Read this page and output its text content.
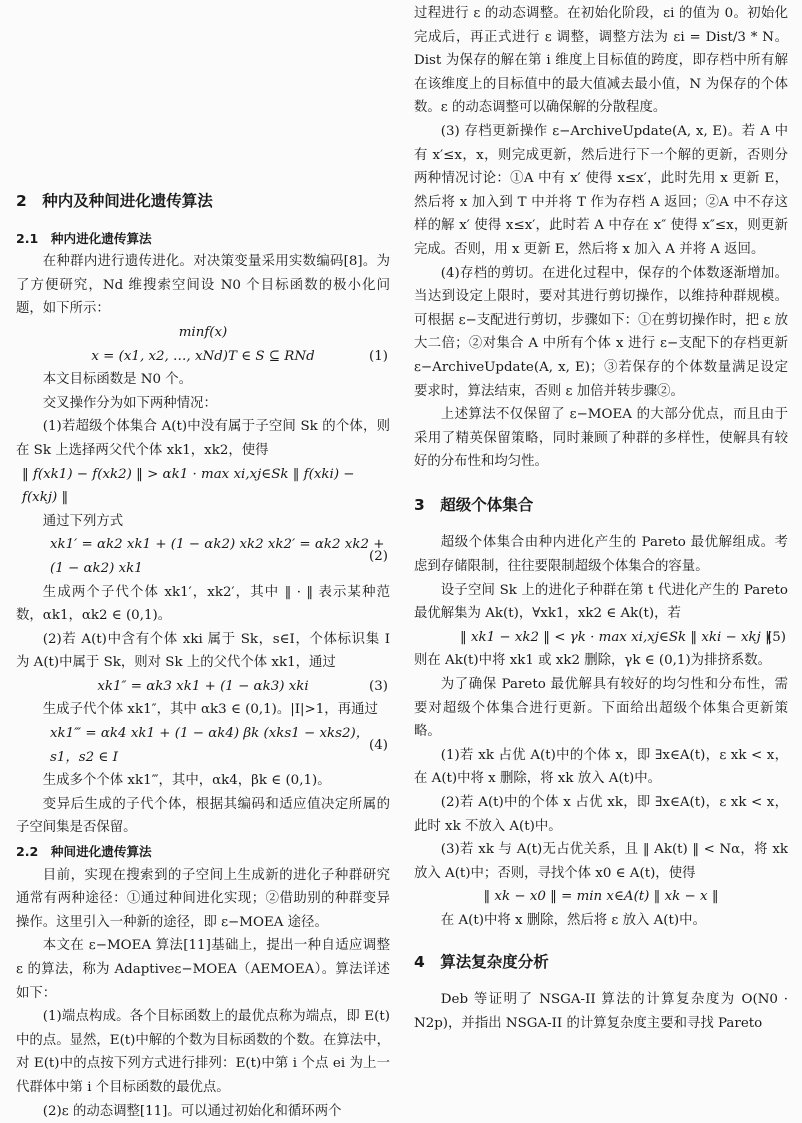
2　种内及种间进化遗传算法

2.1　种内进化遗传算法

在种群内进行遗传进化。对决策变量采用实数编码[8]。为了方便研究，Nd 维搜索空间设 N0 个目标函数的极小化问题，如下所示：

minf(x)
x = (x1, x2, …, xNd)T ∈ S ⊆ RNd	(1)

本文目标函数是 N0 个。

交叉操作分为如下两种情况：

(1)若超级个体集合 A(t)中没有属于子空间 Sk 的个体，则在 Sk 上选择两父代个体 xk1，xk2，使得

‖ f(xk1) − f(xk2) ‖ > αk1 · max xi,xj∈Sk ‖ f(xki) − f(xkj) ‖

通过下列方式

xk1′ = αk2 xk1 + (1 − αk2) xk2 xk2′ = αk2 xk2 + (1 − αk2) xk1
(2)

生成两个子代个体 xk1′，xk2′，其中 ‖ · ‖ 表示某种范数，αk1，αk2 ∈ (0,1)。

(2)若 A(t)中含有个体 xki 属于 Sk，s∈I，个体标识集 I 为 A(t)中属于 Sk，则对 Sk 上的父代个体 xk1，通过

xk1″ = αk3 xk1 + (1 − αk3) xki	(3)

生成子代个体 xk1″，其中 αk3 ∈ (0,1)。|I|>1，再通过

xk1‴ = αk4 xk1 + (1 − αk4) βk (xks1 − xks2)，s1，s2 ∈ I
(4)

生成多个个体 xk1‴，其中，αk4，βk ∈ (0,1)。

变异后生成的子代个体，根据其编码和适应值决定所属的子空间集是否保留。

2.2　种间进化遗传算法

目前，实现在搜索到的子空间上生成新的进化子种群研究通常有两种途径：①通过种间进化实现；②借助别的种群变异操作。这里引入一种新的途径，即 ε−MOEA 途径。

本文在 ε−MOEA 算法[11]基础上，提出一种自适应调整 ε 的算法，称为 Adaptiveε−MOEA（AEMOEA）。算法详述如下：

(1)端点构成。各个目标函数上的最优点称为端点，即 E(t)中的点。显然，E(t)中解的个数为目标函数的个数。在算法中，对 E(t)中的点按下列方式进行排列：E(t)中第 i 个点 ei 为上一代群体中第 i 个目标函数的最优点。

(2)ε 的动态调整[11]。可以通过初始化和循环两个

过程进行 ε 的动态调整。在初始化阶段，εi 的值为 0。初始化完成后，再正式进行 ε 调整，调整方法为 εi = Dist/3 * N。Dist 为保存的解在第 i 维度上目标值的跨度，即存档中所有解在该维度上的目标值中的最大值减去最小值，N 为保存的个体数。ε 的动态调整可以确保解的分散程度。

(3) 存档更新操作 ε−ArchiveUpdate(A, x, E)。若 A 中有 x′≤x，x，则完成更新，然后进行下一个解的更新，否则分两种情况讨论：①A 中有 x′ 使得 x≤x′，此时先用 x 更新 E，然后将 x 加入到 T 中并将 T 作为存档 A 返回；②A 中不存这样的解 x′ 使得 x≤x′，此时若 A 中存在 x″ 使得 x″≤x，则更新完成。否则，用 x 更新 E，然后将 x 加入 A 并将 A 返回。

(4)存档的剪切。在进化过程中，保存的个体数逐渐增加。当达到设定上限时，要对其进行剪切操作，以维持种群规模。可根据 ε−支配进行剪切，步骤如下：①在剪切操作时，把 ε 放大二倍；②对集合 A 中所有个体 x 进行 ε−支配下的存档更新 ε−ArchiveUpdate(A, x, E)；③若保存的个体数量满足设定要求时，算法结束，否则 ε 加倍并转步骤②。

上述算法不仅保留了 ε−MOEA 的大部分优点，而且由于采用了精英保留策略，同时兼顾了种群的多样性，使解具有较好的分布性和均匀性。

3　超级个体集合

超级个体集合由种内进化产生的 Pareto 最优解组成。考虑到存储限制，往往要限制超级个体集合的容量。

设子空间 Sk 上的进化子种群在第 t 代进化产生的 Pareto 最优解集为 Ak(t)，∀xk1，xk2 ∈ Ak(t)，若

‖ xk1 − xk2 ‖ < γk · max xi,xj∈Sk ‖ xki − xkj ‖
(5)

则在 Ak(t)中将 xk1 或 xk2 删除，γk ∈ (0,1)为排挤系数。

为了确保 Pareto 最优解具有较好的均匀性和分布性，需要对超级个体集合进行更新。下面给出超级个体集合更新策略。

(1)若 xk 占优 A(t)中的个体 x，即 ∃x∈A(t)，ε xk < x，在 A(t)中将 x 删除，将 xk 放入 A(t)中。

(2)若 A(t)中的个体 x 占优 xk，即 ∃x∈A(t)，ε xk < x，此时 xk 不放入 A(t)中。

(3)若 xk 与 A(t)无占优关系，且 ‖ Ak(t) ‖ < Nα，将 xk 放入 A(t)中；否则，寻找个体 x0 ∈ A(t)，使得

‖ xk − x0 ‖ = min x∈A(t) ‖ xk − x ‖

在 A(t)中将 x 删除，然后将 ε 放入 A(t)中。

4　算法复杂度分析

Deb 等证明了 NSGA-II 算法的计算复杂度为 O(N0 · N2p)，并指出 NSGA-II 的计算复杂度主要和寻找 Pareto
